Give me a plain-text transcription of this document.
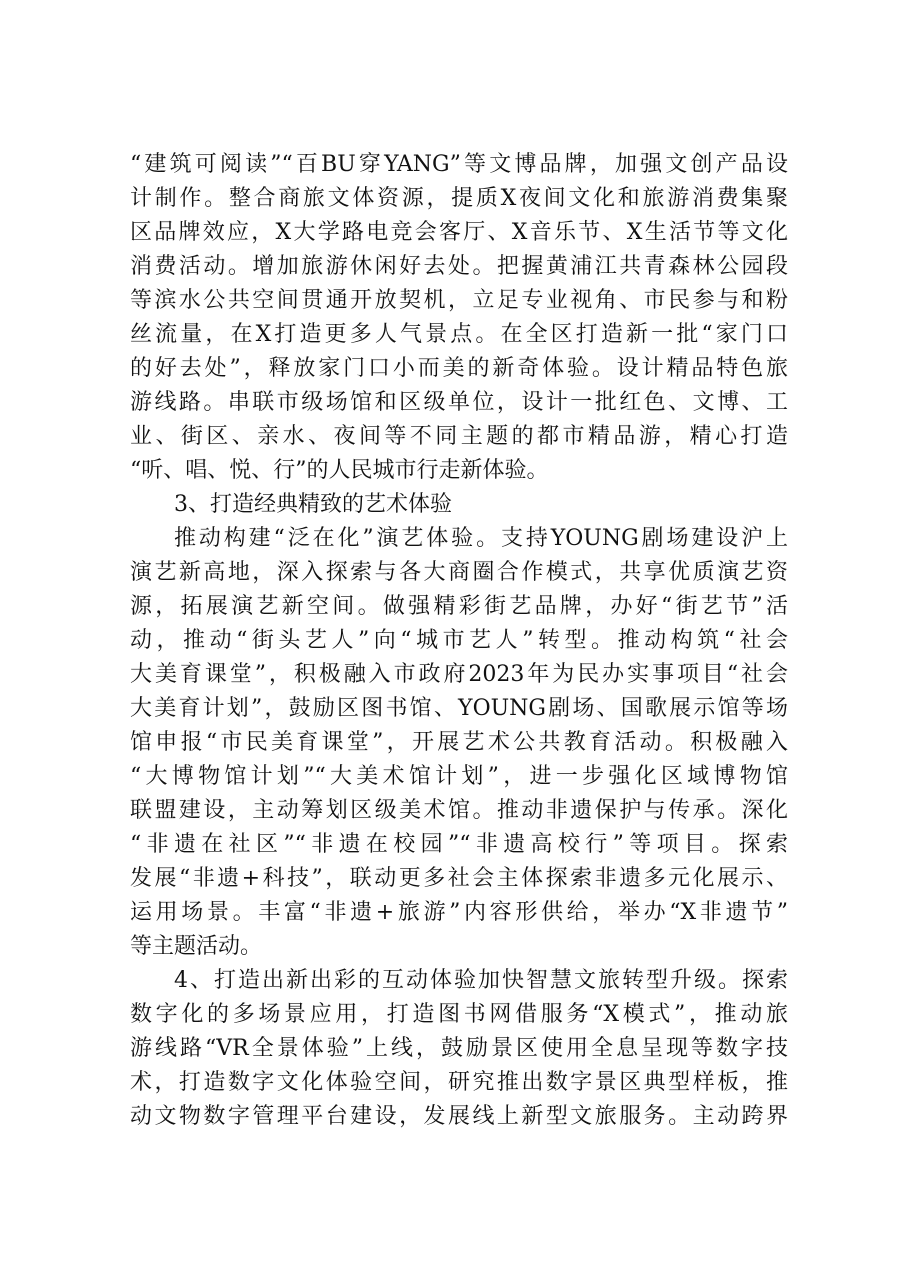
“建筑可阅读”“百BU穿YANG”等文博品牌，加强文创产品设
计制作。整合商旅文体资源，提质X夜间文化和旅游消费集聚
区品牌效应，X大学路电竞会客厅、X音乐节、X生活节等文化
消费活动。增加旅游休闲好去处。把握黄浦江共青森林公园段
等滨水公共空间贯通开放契机，立足专业视角、市民参与和粉
丝流量，在X打造更多人气景点。在全区打造新一批“家门口
的好去处”，释放家门口小而美的新奇体验。设计精品特色旅
游线路。串联市级场馆和区级单位，设计一批红色、文博、工
业、街区、亲水、夜间等不同主题的都市精品游，精心打造
“听、唱、悦、行”的人民城市行走新体验。
3、打造经典精致的艺术体验
推动构建“泛在化”演艺体验。支持YOUNG剧场建设沪上
演艺新高地，深入探索与各大商圈合作模式，共享优质演艺资
源，拓展演艺新空间。做强精彩街艺品牌，办好“街艺节”活
动，推动“街头艺人”向“城市艺人”转型。推动构筑“社会
大美育课堂”，积极融入市政府2023年为民办实事项目“社会
大美育计划”，鼓励区图书馆、YOUNG剧场、国歌展示馆等场
馆申报“市民美育课堂”，开展艺术公共教育活动。积极融入
“大博物馆计划”“大美术馆计划”，进一步强化区域博物馆
联盟建设，主动筹划区级美术馆。推动非遗保护与传承。深化
“非遗在社区”“非遗在校园”“非遗高校行”等项目。探索
发展“非遗+科技”，联动更多社会主体探索非遗多元化展示、
运用场景。丰富“非遗+旅游”内容形供给，举办“X非遗节”
等主题活动。
4、打造出新出彩的互动体验加快智慧文旅转型升级。探索
数字化的多场景应用，打造图书网借服务“X模式”，推动旅
游线路“VR全景体验”上线，鼓励景区使用全息呈现等数字技
术，打造数字文化体验空间，研究推出数字景区典型样板，推
动文物数字管理平台建设，发展线上新型文旅服务。主动跨界
